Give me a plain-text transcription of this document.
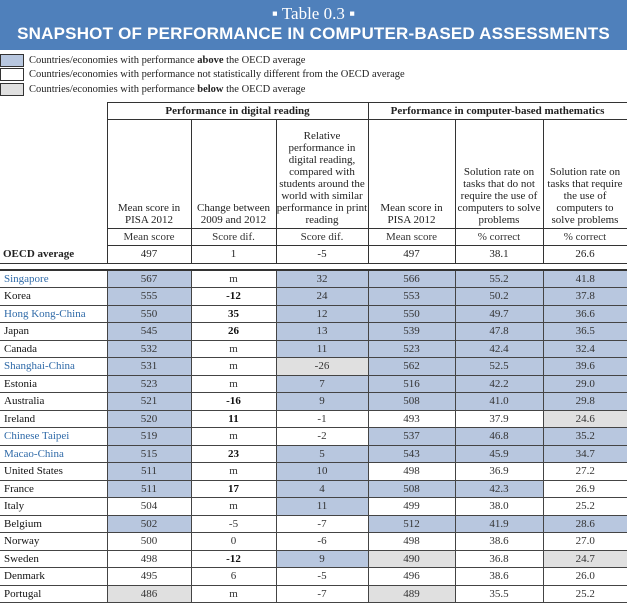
▪ Table 0.3 ▪
SNAPSHOT OF PERFORMANCE IN COMPUTER-BASED ASSESSMENTS
Countries/economies with performance above the OECD average
Countries/economies with performance not statistically different from the OECD average
Countries/economies with performance below the OECD average
	Performance in digital reading			Performance in computer-based mathematics		
	Mean score in PISA 2012	Change between 2009 and 2012	Relative performance in digital reading, compared with students around the world with similar performance in print reading	Mean score in PISA 2012	Solution rate on tasks that do not require the use of computers to solve problems	Solution rate on tasks that require the use of computers to solve problems
	Mean score	Score dif.	Score dif.	Mean score	% correct	% correct
OECD average	497	1	-5	497	38.1	26.6

Singapore	567	m	32	566	55.2	41.8
Korea	555	-12	24	553	50.2	37.8
Hong Kong-China	550	35	12	550	49.7	36.6
Japan	545	26	13	539	47.8	36.5
Canada	532	m	11	523	42.4	32.4
Shanghai-China	531	m	-26	562	52.5	39.6
Estonia	523	m	7	516	42.2	29.0
Australia	521	-16	9	508	41.0	29.8
Ireland	520	11	-1	493	37.9	24.6
Chinese Taipei	519	m	-2	537	46.8	35.2
Macao-China	515	23	5	543	45.9	34.7
United States	511	m	10	498	36.9	27.2
France	511	17	4	508	42.3	26.9
Italy	504	m	11	499	38.0	25.2
Belgium	502	-5	-7	512	41.9	28.6
Norway	500	0	-6	498	38.6	27.0
Sweden	498	-12	9	490	36.8	24.7
Denmark	495	6	-5	496	38.6	26.0
Portugal	486	m	-7	489	35.5	25.2
